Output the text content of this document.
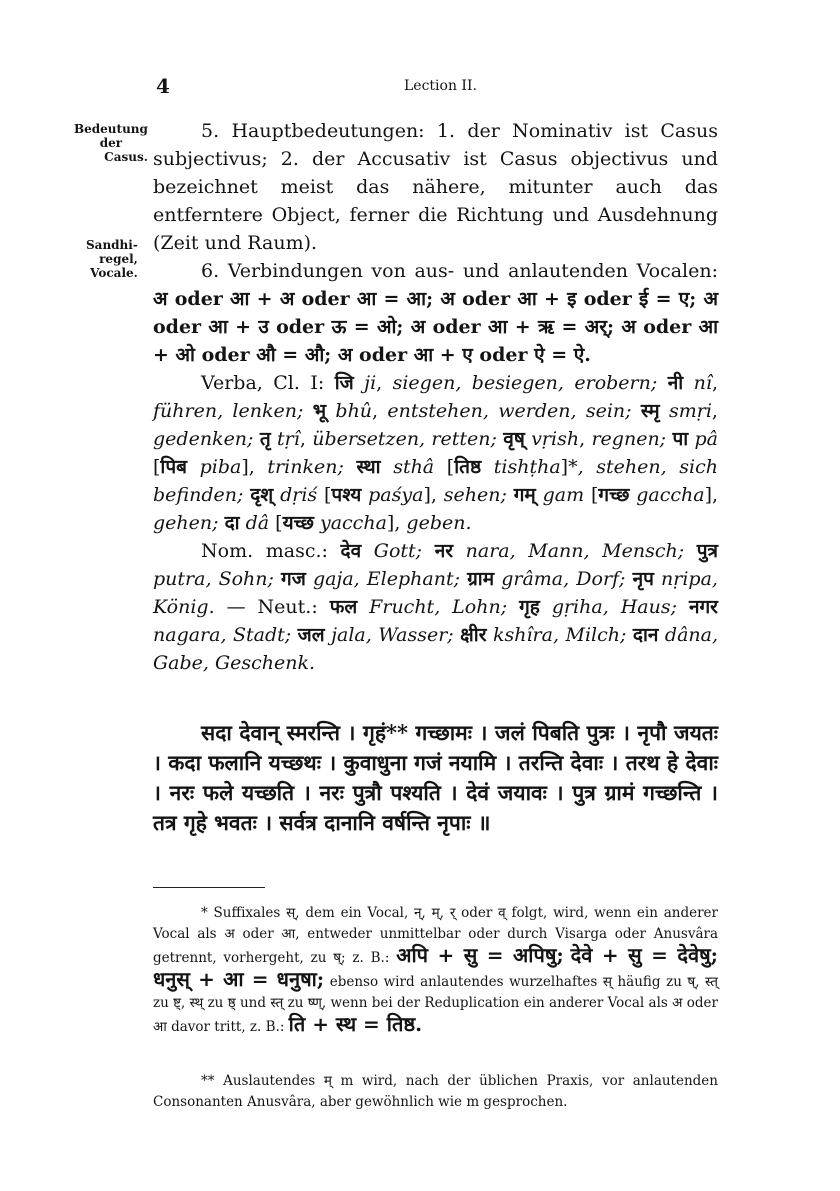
4	Lection II.
Bedeutung
der
Casus.
Sandhi-
regel,
Vocale.

5. Hauptbedeutungen: 1. der Nominativ ist Casus subjectivus; 2. der Accusativ ist Casus objectivus und bezeichnet meist das nähere, mitunter auch das entferntere Object, ferner die Richtung und Ausdehnung (Zeit und Raum).

6. Verbindungen von aus- und anlautenden Vocalen: अ oder आ + अ oder आ = आ; अ oder आ + इ oder ई = ए; अ oder आ + उ oder ऊ = ओ; अ oder आ + ऋ = अर्; अ oder आ + ओ oder औ = औ; अ oder आ + ए oder ऐ = ऐ.

Verba, Cl. I: जि ji, siegen, besiegen, erobern; नी nî, führen, lenken; भू bhû, entstehen, werden, sein; स्मृ smṛi, gedenken; तृ tṛî, übersetzen, retten; वृष् vṛish, regnen; पा pâ [पिब piba], trinken; स्था sthâ [तिष्ठ tishṭha]*, stehen, sich befinden; दृश् dṛiś [पश्य paśya], sehen; गम् gam [गच्छ gaccha], gehen; दा dâ [यच्छ yaccha], geben.

Nom. masc.: देव Gott; नर nara, Mann, Mensch; पुत्र putra, Sohn; गज gaja, Elephant; ग्राम grâma, Dorf; नृप nṛipa, König. — Neut.: फल Frucht, Lohn; गृह gṛiha, Haus; नगर nagara, Stadt; जल jala, Wasser; क्षीर kshîra, Milch; दान dâna, Gabe, Geschenk.

सदा देवान् स्मरन्ति । गृहं** गच्छामः । जलं पिबति पुत्रः । नृपौ जयतः । कदा फलानि यच्छथः । कुवाधुना गजं नयामि । तरन्ति देवाः । तरथ हे देवाः । नरः फले यच्छति । नरः पुत्रौ पश्यति । देवं जयावः । पुत्र ग्रामं गच्छन्ति । तत्र गृहे भवतः । सर्वत्र दानानि वर्षन्ति नृपाः ॥

* Suffixales स्, dem ein Vocal, न्, म्, र् oder व् folgt, wird, wenn ein anderer Vocal als अ oder आ, entweder unmittelbar oder durch Visarga oder Anusvâra getrennt, vorhergeht, zu ष्; z. B.: अपि + सु = अपिषु; देवे + सु = देवेषु; धनुस् + आ = धनुषा; ebenso wird anlautendes wurzelhaftes स् häufig zu ष्, स्त् zu ष्ट्, स्थ् zu ष्ठ् und स्त् zu ष्ण्, wenn bei der Reduplication ein anderer Vocal als अ oder आ davor tritt, z. B.: ति + स्थ = तिष्ठ.

** Auslautendes म् m wird, nach der üblichen Praxis, vor anlautenden Consonanten Anusvâra, aber gewöhnlich wie m gesprochen.
